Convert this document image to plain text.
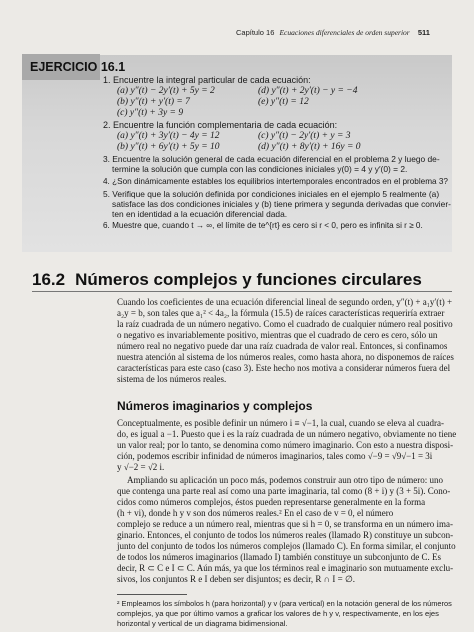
Capítulo 16 Ecuaciones diferenciales de orden superior 511
EJERCICIO 16.1
1. Encuentre la integral particular de cada ecuación:
(a) y″(t) − 2y′(t) + 5y = 2	(d) y″(t) + 2y′(t) − y = −4
(b) y″(t) + y′(t) = 7	(e) y″(t) = 12
(c) y″(t) + 3y = 9
2. Encuentre la función complementaria de cada ecuación:
(a) y″(t) + 3y′(t) − 4y = 12	(c) y″(t) − 2y′(t) + y = 3
(b) y″(t) + 6y′(t) + 5y = 10	(d) y″(t) + 8y′(t) + 16y = 0
3. Encuentre la solución general de cada ecuación diferencial en el problema 2 y luego de-
termine la solución que cumpla con las condiciones iniciales y(0) = 4 y y′(0) = 2.
4. ¿Son dinámicamente estables los equilibrios intertemporales encontrados en el problema 3?
5. Verifique que la solución definida por condiciones iniciales en el ejemplo 5 realmente (a)
satisface las dos condiciones iniciales y (b) tiene primera y segunda derivadas que convier-
ten en identidad a la ecuación diferencial dada.
6. Muestre que, cuando t → ∞, el límite de te^{rt} es cero si r < 0, pero es infinita si r ≥ 0.
16.2 Números complejos y funciones circulares
Cuando los coeficientes de una ecuación diferencial lineal de segundo orden, y″(t) + a₁y′(t) +
a₂y = b, son tales que a₁² < 4a₂, la fórmula (15.5) de raíces características requeriría extraer
la raíz cuadrada de un número negativo. Como el cuadrado de cualquier número real positivo
o negativo es invariablemente positivo, mientras que el cuadrado de cero es cero, sólo un
número real no negativo puede dar una raíz cuadrada de valor real. Entonces, si confinamos
nuestra atención al sistema de los números reales, como hasta ahora, no disponemos de raíces
características para este caso (caso 3). Este hecho nos motiva a considerar números fuera del
sistema de los números reales.
Números imaginarios y complejos
Conceptualmente, es posible definir un número i ≡ √−1, la cual, cuando se eleva al cuadra-
do, es igual a −1. Puesto que i es la raíz cuadrada de un número negativo, obviamente no tiene
un valor real; por lo tanto, se denomina como número imaginario. Con esto a nuestra disposi-
ción, podemos escribir infinidad de números imaginarios, tales como √−9 = √9√−1 = 3i
y √−2 = √2 i.
Ampliando su aplicación un poco más, podemos construir aun otro tipo de número: uno
que contenga una parte real así como una parte imaginaria, tal como (8 + i) y (3 + 5i). Cono-
cidos como números complejos, éstos pueden representarse generalmente en la forma
(h + vi), donde h y v son dos números reales.² En el caso de v = 0, el número
complejo se reduce a un número real, mientras que si h = 0, se transforma en un número ima-
ginario. Entonces, el conjunto de todos los números reales (llamado R) constituye un subcon-
junto del conjunto de todos los números complejos (llamado C). En forma similar, el conjunto
de todos los números imaginarios (llamado I) también constituye un subconjunto de C. Es
decir, R ⊂ C e I ⊂ C. Aún más, ya que los términos real e imaginario son mutuamente exclu-
sivos, los conjuntos R e I deben ser disjuntos; es decir, R ∩ I = ∅.
² Empleamos los símbolos h (para horizontal) y v (para vertical) en la notación general de los números
complejos, ya que por último vamos a graficar los valores de h y v, respectivamente, en los ejes
horizontal y vertical de un diagrama bidimensional.
